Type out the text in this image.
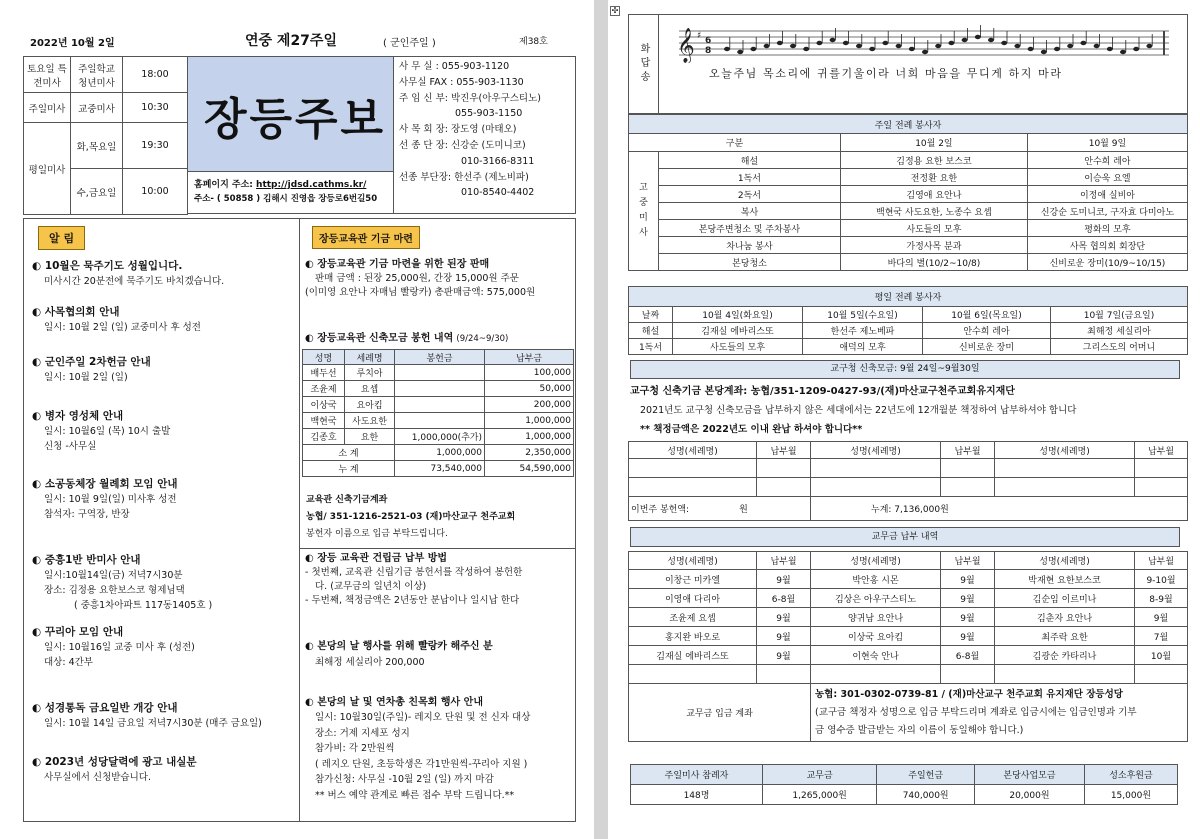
2022년 10월 2일	연중 제27주일	( 군인주일 )	제38호
토요일 특전미사	주일학교 청년미사	18:00
주일미사	교중미사	10:30
평일미사	화,목요일	19:30
	수,금요일	10:00
장등주보
홈페이지 주소: http://jdsd.cathms.kr/
주소- ( 50858 ) 김해시 진영읍 장등로6번길50
사 무 실 : 055-903-1120
사무실 FAX : 055-903-1130
주 임 신 부: 박진우(아우구스티노)
055-903-1150
사 목 회 장: 장도영 (마태오)
선 종 단 장: 신강순 (도미니코)
010-3166-8311
선종 부단장: 한선주 (제노비파)
010-8540-4402
알 림
◐ 10월은 묵주기도 성월입니다.
미사시간 20분전에 묵주기도 바치겠습니다.
◐ 사목협의회 안내
일시: 10월 2일 (일) 교중미사 후 성전
◐ 군인주일 2차헌금 안내
일시: 10월 2일 (일)
◐ 병자 영성체 안내
일시: 10월6일 (목) 10시 출발
신청 -사무실
◐ 소공동체장 월례회 모임 안내
일시: 10월 9일(일) 미사후 성전
참석자: 구역장, 반장
◐ 중흥1반 반미사 안내
일시:10월14일(금) 저녁7시30분
장소: 김정용 요한보스코 형제님댁
( 중흥1차아파트 117동1405호 )
◐ 꾸리아 모임 안내
일시: 10월16일 교중 미사 후 (성전)
대상: 4간부
◐ 성경통독 금요일반 개강 안내
일시: 10월 14일 금요일 저녁7시30분 (매주 금요일)
◐ 2023년 성당달력에 광고 내실분
사무실에서 신청받습니다.
장등교육관 기금 마련
◐ 장등교육관 기금 마련을 위한 된장 판매
판매 금액 : 된장 25,000원, 간장 15,000원 주문
(이미영 요안나 자매님 빨랑카) 총판매금액: 575,000원
◐ 장등교육관 신축모금 봉헌 내역 (9/24~9/30)
성명	세례명	봉헌금	납부금
배두선	루치아		100,000
조윤제	요셉		50,000
이상국	요아킴		200,000
백현국	사도요한		1,000,000
김종호	요한	1,000,000(추가)	1,000,000
소 계		1,000,000	2,350,000
누 계		73,540,000	54,590,000
교육관 신축기금계좌
농협/ 351-1216-2521-03 (재)마산교구 천주교회
봉헌자 이름으로 입금 부탁드립니다.
◐ 장등 교육관 건립금 납부 방법
- 첫번째, 교육관 신립기금 봉헌서를 작성하여 봉헌한
다. (교무금의 일년치 이상)
- 두번째, 책정금액은 2년동안 분납이나 일시납 한다
◐ 본당의 날 행사를 위해 빨랑카 해주신 분
최해정 세실리아 200,000
◐ 본당의 날 및 연차총 친목회 행사 안내
일시: 10월30일(주일)- 레지오 단원 및 전 신자 대상
장소: 거제 지세포 성지
참가비: 각 2만원씩
( 레지오 단원, 초등학생은 각1만원씩-꾸리아 지원 )
참가신청: 사무실 -10월 2일 (일) 까지 마감
** 버스 예약 관계로 빠른 접수 부탁 드립니다.**
✣
화답송 𝄞 ♯ 6
8
오늘주님 목소리에 귀를기울이라 너희 마음을 무디게 하지 마라
주일 전례 봉사자			
구분		10월 2일	10월 9일
고중미사	해설	김정용 요한 보스코	안수희 레아
	1독서	전정환 요한	이승욱 요엘
	2독서	김영애 요안나	이정애 실비아
	복사	백현국 사도요한, 노종수 요셉	신강순 도미니코, 구자효 다미아노
	본당주변청소 및 주차봉사	사도들의 모후	평화의 모후
	차나눔 봉사	가정사목 분과	사목 협의회 회장단
	본당청소	바다의 별(10/2~10/8)	신비로운 장미(10/9~10/15)
평일 전례 봉사자				
날짜	10월 4일(화요일)	10월 5일(수요일)	10월 6일(목요일)	10월 7일(금요일)
해설	김재실 에바리스또	한선주 제노베파	안수희 레아	최해정 세실리아
1독서	사도들의 모후	애덕의 모후	신비로운 장미	그리스도의 어머니
교구청 신축모금: 9월 24일~9월30일
교구청 신축기금 본당계좌: 농협/351-1209-0427-93/(재)마산교구천주교회유지재단
2021년도 교구청 신축모금을 납부하지 않은 세대에서는 22년도에 12개월분 책정하여 납부하셔야 합니다
** 책정금액은 2022년도 이내 완납 하셔야 합니다**
성명(세례명)	납부월	성명(세례명)	납부월	성명(세례명)	납부월

이번주 봉헌액: 원		누계: 7,136,000원			
교무금 납부 내역
성명(세례명)	납부월	성명(세례명)	납부월	성명(세례명)	납부월
이창근 미카엘	9월	박안홍 시몬	9월	박재현 요한보스코	9-10월
이영애 다리아	6-8월	김상은 아우구스티노	9월	김순임 이르미나	8-9월
조윤제 요셉	9월	양귀남 요안나	9월	김춘자 요안나	9월
홍지완 바오로	9월	이상국 요아킴	9월	최주락 요한	7월
김재실 에바리스또	9월	이현숙 안나	6-8월	김광순 카타리나	10월

교무금 입금 계좌		농협: 301-0302-0739-81 / (재)마산교구 천주교회 유지재단 장등성당
(교구금 책정자 성명으로 입금 부탁드리며 계좌로 입금시에는 입금인명과 기부
금 영수증 발급받는 자의 이름이 동일해야 합니다.)			
주일미사 참례자	교무금	주일헌금	본당사업모금	성소후원금
148명	1,265,000원	740,000원	20,000원	15,000원
